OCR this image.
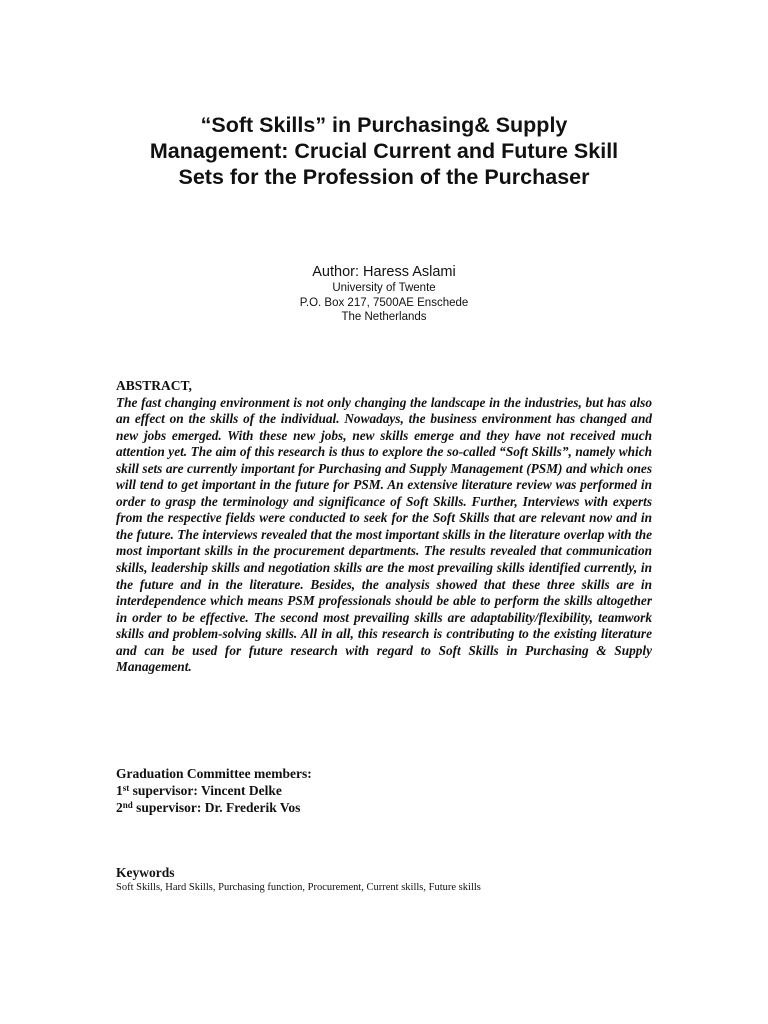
“Soft Skills” in Purchasing& Supply
Management: Crucial Current and Future Skill
Sets for the Profession of the Purchaser
Author: Haress Aslami
University of Twente
P.O. Box 217, 7500AE Enschede
The Netherlands
ABSTRACT,

The fast changing environment is not only changing the landscape in the industries, but has also an effect on the skills of the individual. Nowadays, the business environment has changed and new jobs emerged. With these new jobs, new skills emerge and they have not received much attention yet. The aim of this research is thus to explore the so-called “Soft Skills”, namely which skill sets are currently important for Purchasing and Supply Management (PSM) and which ones will tend to get important in the future for PSM. An extensive literature review was performed in order to grasp the terminology and significance of Soft Skills. Further, Interviews with experts from the respective fields were conducted to seek for the Soft Skills that are relevant now and in the future. The interviews revealed that the most important skills in the literature overlap with the most important skills in the procurement departments. The results revealed that communication skills, leadership skills and negotiation skills are the most prevailing skills identified currently, in the future and in the literature. Besides, the analysis showed that these three skills are in interdependence which means PSM professionals should be able to perform the skills altogether in order to be effective. The second most prevailing skills are adaptability/flexibility, teamwork skills and problem-solving skills. All in all, this research is contributing to the existing literature and can be used for future research with regard to Soft Skills in Purchasing & Supply Management.

Graduation Committee members:
1st supervisor: Vincent Delke
2nd supervisor: Dr. Frederik Vos
Keywords
Soft Skills, Hard Skills, Purchasing function, Procurement, Current skills, Future skills
